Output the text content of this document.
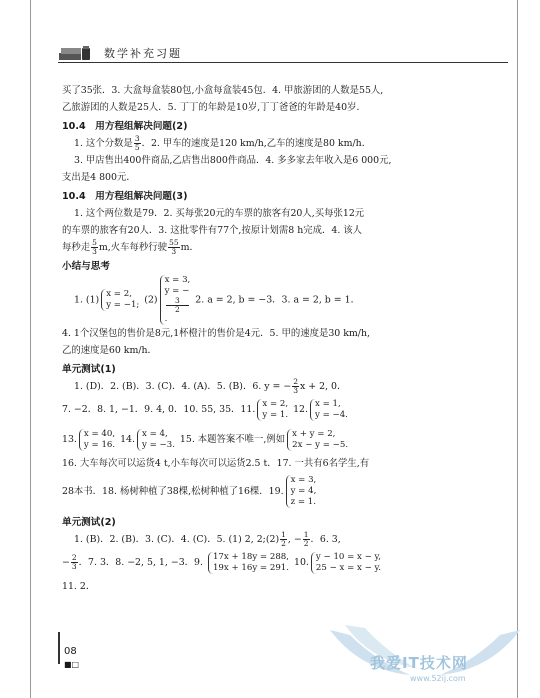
数学补充习题

买了35张．3. 大盒每盒装80包,小盒每盒装45包．4. 甲旅游团的人数是55人,

乙旅游团的人数是25人．5. 丁丁的年龄是10岁,丁丁爸爸的年龄是40岁．

10.4　用方程组解决问题(2)

1. 这个分数是 $\frac{3}{5}$ ．2. 甲车的速度是120 km/h,乙车的速度是80 km/h．

3. 甲店售出400件商品,乙店售出800件商品．4. 多多家去年收入是6 000元,

支出是4 800元．

10.4　用方程组解决问题(3)

1. 这个两位数是79．2. 买每张20元的车票的旅客有20人,买每张12元

的车票的旅客有20人．3. 这批零件有77个,按原计划需8 h完成．4. 该人

每秒走 $\frac{5}{3} m$,火车每秒行驶 $\frac{55}{3}$ m．

小结与思考

1. (1)
x = 2,
y = −1; (2)
x = 3,
y = −
3
2
.
2. a = 2, b = −3．3. a = 2, b = 1．

4. 1个汉堡包的售价是8元,1杯橙汁的售价是4元．5. 甲的速度是30 km/h,

乙的速度是60 km/h．

单元测试(1)

1. (D)．2. (B)．3. (C)．4. (A)．5. (B)．6. y = − $\frac{2}{3}$ x + 2, 0．

7. −2．8. 1, −1．9. 4, 0．10. 55, 35．11.
x = 2,
y = 1. 12.
x = 1,
y = −4.

13.
x = 40,
y = 16. 14.
x = 4,
y = −3. 15. 本题答案不唯一,例如
x + y = 2,
2x − y = −5.

16. 大车每次可以运货4 t,小车每次可以运货2.5 t．17. 一共有6名学生,有

28本书．18. 杨树种植了38棵,松树种植了16棵．19.
x = 3,
y = 4,
z = 1.

单元测试(2)

1. (B)．2. (B)．3. (C)．4. (C)．5. (1) 2, 2;(2) $\frac{1}{2}$ , − $\frac{1}{2}$ ．6. 3,

− $\frac{2}{3}$ ．7. 3．8. −2, 5, 1, −3．9.
17x + 18y = 288,
19x + 16y = 291. 10.
y − 10 = x − y,
25 − x = x − y.

11. 2．

08
■□	我爱IT技术网
www.52ij.com
